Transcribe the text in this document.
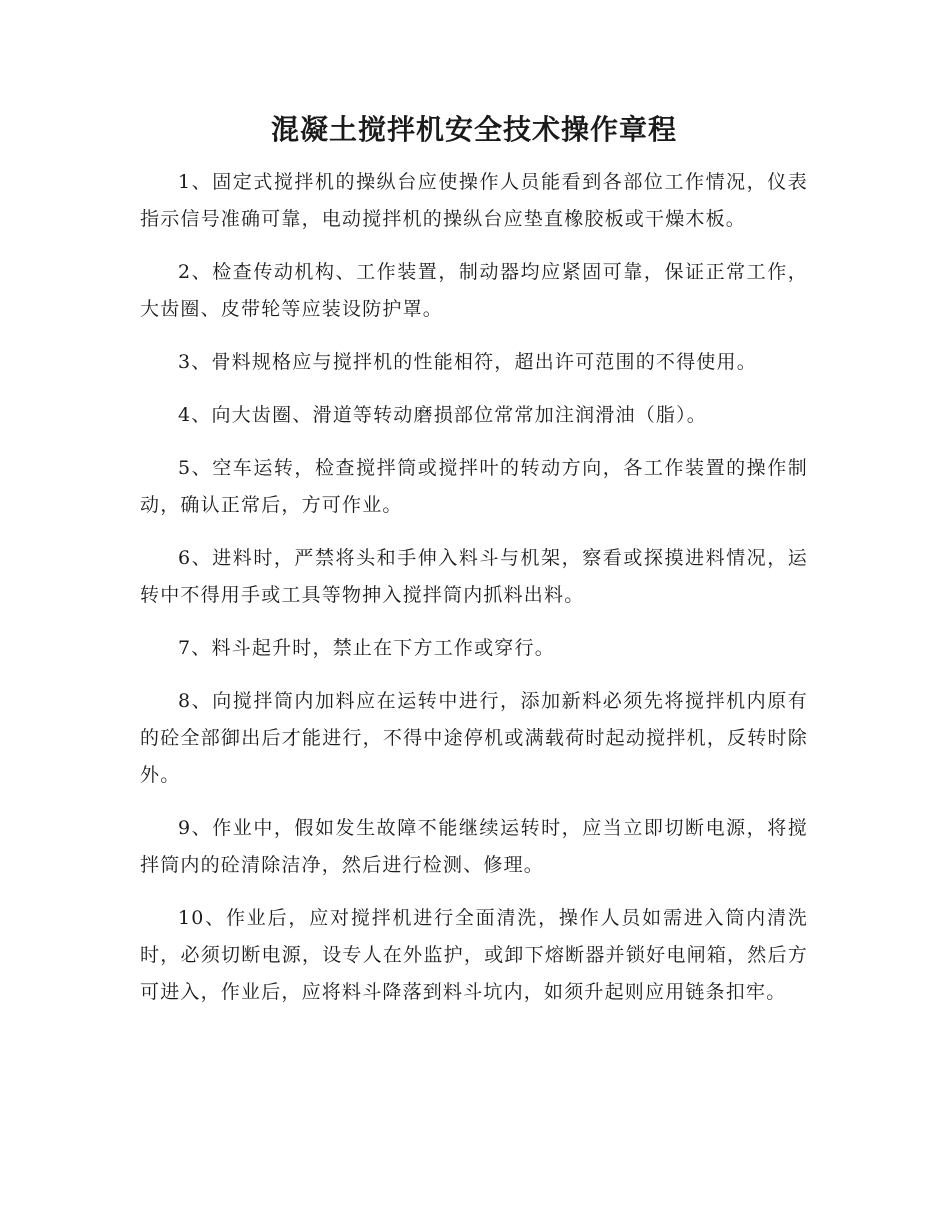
混凝土搅拌机安全技术操作章程

1、固定式搅拌机的操纵台应使操作人员能看到各部位工作情况，仪表指示信号准确可靠，电动搅拌机的操纵台应垫直橡胶板或干燥木板。

2、检查传动机构、工作装置，制动器均应紧固可靠，保证正常工作，大齿圈、皮带轮等应装设防护罩。

3、骨料规格应与搅拌机的性能相符，超出许可范围的不得使用。

4、向大齿圈、滑道等转动磨损部位常常加注润滑油（脂）。

5、空车运转，检查搅拌筒或搅拌叶的转动方向，各工作装置的操作制动，确认正常后，方可作业。

6、进料时，严禁将头和手伸入料斗与机架，察看或探摸进料情况，运转中不得用手或工具等物抻入搅拌筒内抓料出料。

7、料斗起升时，禁止在下方工作或穿行。

8、向搅拌筒内加料应在运转中进行，添加新料必须先将搅拌机内原有的砼全部御出后才能进行，不得中途停机或满载荷时起动搅拌机，反转时除外。

9、作业中，假如发生故障不能继续运转时，应当立即切断电源，将搅拌筒内的砼清除洁净，然后进行检测、修理。

10、作业后，应对搅拌机进行全面清洗，操作人员如需进入筒内清洗时，必须切断电源，设专人在外监护，或卸下熔断器并锁好电闸箱，然后方可进入，作业后，应将料斗降落到料斗坑内，如须升起则应用链条扣牢。
